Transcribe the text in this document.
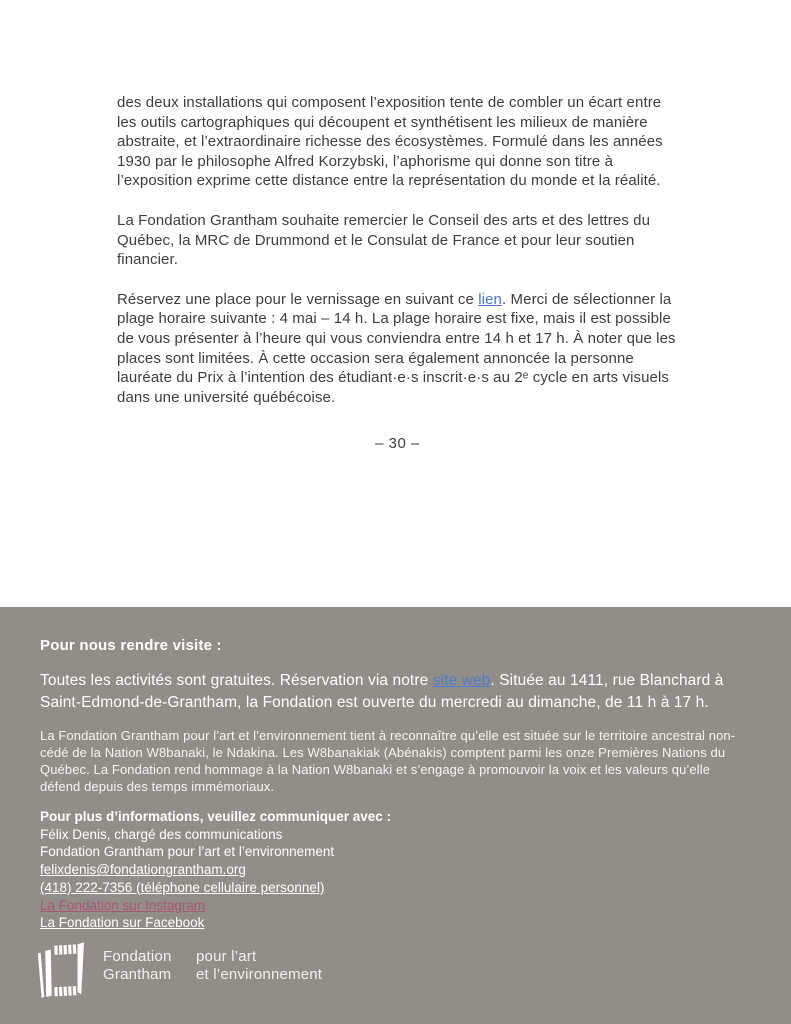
des deux installations qui composent l’exposition tente de combler un écart entre les outils cartographiques qui découpent et synthétisent les milieux de manière abstraite, et l’extraordinaire richesse des écosystèmes. Formulé dans les années 1930 par le philosophe Alfred Korzybski, l’aphorisme qui donne son titre à l’exposition exprime cette distance entre la représentation du monde et la réalité.

La Fondation Grantham souhaite remercier le Conseil des arts et des lettres du Québec, la MRC de Drummond et le Consulat de France et pour leur soutien financier.

Réservez une place pour le vernissage en suivant ce lien. Merci de sélectionner la plage horaire suivante : 4 mai – 14 h. La plage horaire est fixe, mais il est possible de vous présenter à l’heure qui vous conviendra entre 14 h et 17 h. À noter que les places sont limitées. À cette occasion sera également annoncée la personne lauréate du Prix à l’intention des étudiant·e·s inscrit·e·s au 2ᵉ cycle en arts visuels dans une université québécoise.

– 30 –
Pour nous rendre visite :
Toutes les activités sont gratuites. Réservation via notre site web. Située au 1411, rue Blanchard à Saint-Edmond-de-Grantham, la Fondation est ouverte du mercredi au dimanche, de 11 h à 17 h.
La Fondation Grantham pour l’art et l’environnement tient à reconnaître qu’elle est située sur le territoire ancestral non-cédé de la Nation W8banaki, le Ndakina. Les W8banakiak (Abénakis) comptent parmi les onze Premières Nations du Québec. La Fondation rend hommage à la Nation W8banaki et s’engage à promouvoir la voix et les valeurs qu’elle défend depuis des temps immémoriaux.
Pour plus d’informations, veuillez communiquer avec :
Félix Denis, chargé des communications
Fondation Grantham pour l’art et l’environnement
felixdenis@fondationgrantham.org
(418) 222-7356 (téléphone cellulaire personnel)
La Fondation sur Instagram
La Fondation sur Facebook
Fondation
Grantham
pour l’art
et l’environnement
